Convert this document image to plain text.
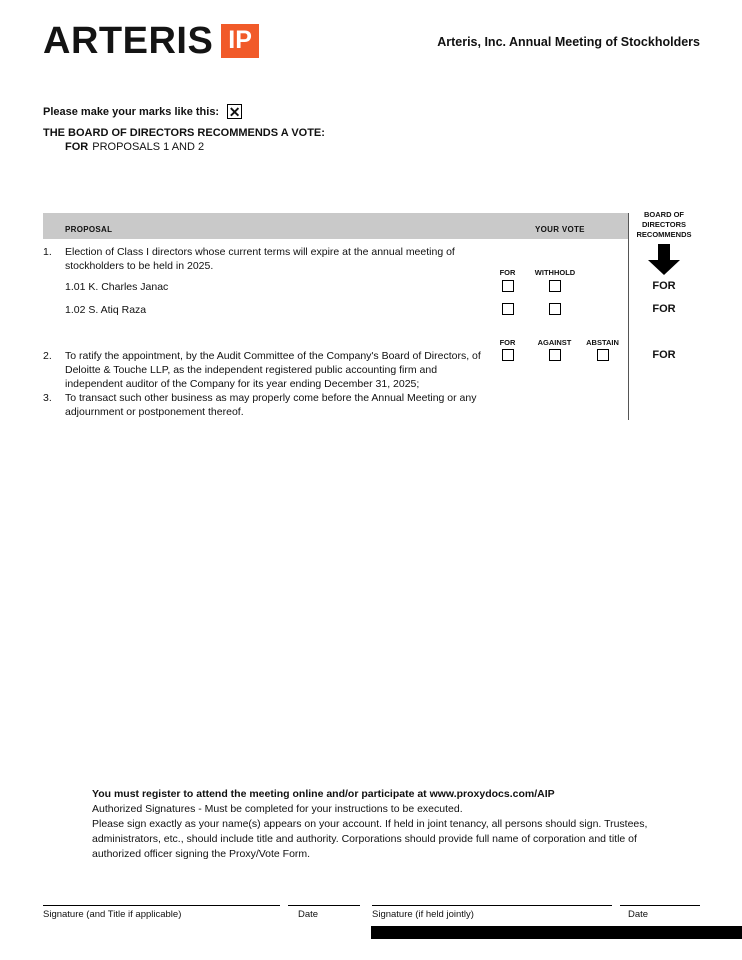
ARTERIS IP	Arteris, Inc. Annual Meeting of Stockholders
Please make your marks like this: ✕
THE BOARD OF DIRECTORS RECOMMENDS A VOTE:
FOR PROPOSALS 1 AND 2
PROPOSAL	YOUR VOTE
BOARD OF DIRECTORS RECOMMENDS
1. Election of Class I directors whose current terms will expire at the annual meeting of stockholders to be held in 2025.
FOR	WITHHOLD
1.01 K. Charles Janac	FOR
1.02 S. Atiq Raza	FOR
FOR	AGAINST	ABSTAIN
2. To ratify the appointment, by the Audit Committee of the Company's Board of Directors, of Deloitte & Touche LLP, as the independent registered public accounting firm and independent auditor of the Company for its year ending December 31, 2025;
FOR
3. To transact such other business as may properly come before the Annual Meeting or any adjournment or postponement thereof.
You must register to attend the meeting online and/or participate at www.proxydocs.com/AIP
Authorized Signatures - Must be completed for your instructions to be executed.
Please sign exactly as your name(s) appears on your account. If held in joint tenancy, all persons should sign. Trustees, administrators, etc., should include title and authority. Corporations should provide full name of corporation and title of authorized officer signing the Proxy/Vote Form.
Signature (and Title if applicable)	Date	Signature (if held jointly)	Date
